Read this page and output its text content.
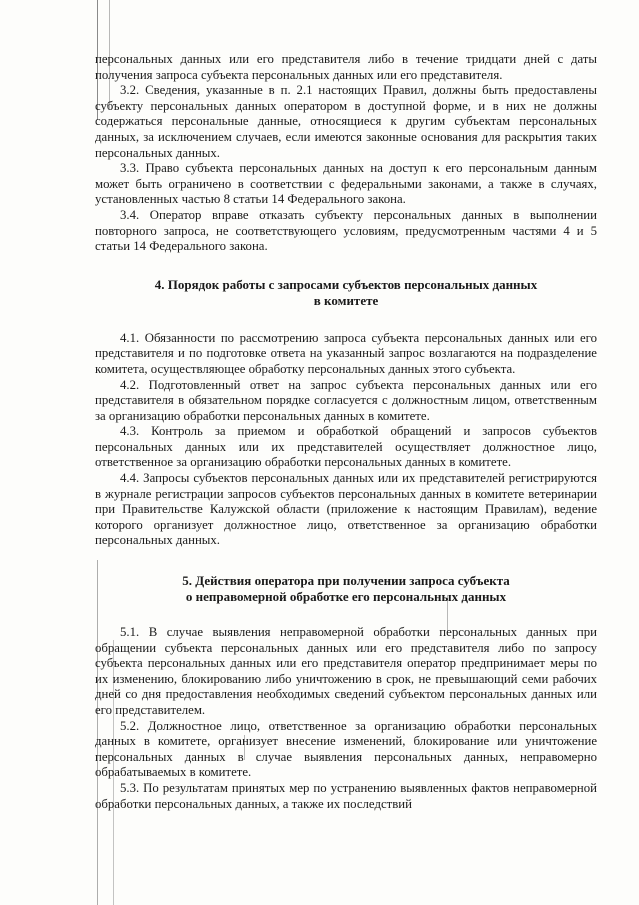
персональных данных или его представителя либо в течение тридцати дней с даты получения запроса субъекта персональных данных или его представителя.

3.2. Сведения, указанные в п. 2.1 настоящих Правил, должны быть предоставлены субъекту персональных данных оператором в доступной форме, и в них не должны содержаться персональные данные, относящиеся к другим субъектам персональных данных, за исключением случаев, если имеются законные основания для раскрытия таких персональных данных.

3.3. Право субъекта персональных данных на доступ к его персональным данным может быть ограничено в соответствии с федеральными законами, а также в случаях, установленных частью 8 статьи 14 Федерального закона.

3.4. Оператор вправе отказать субъекту персональных данных в выполнении повторного запроса, не соответствующего условиям, предусмотренным частями 4 и 5 статьи 14 Федерального закона.

4. Порядок работы с запросами субъектов персональных данных

в комитете

4.1. Обязанности по рассмотрению запроса субъекта персональных данных или его представителя и по подготовке ответа на указанный запрос возлагаются на подразделение комитета, осуществляющее обработку персональных данных этого субъекта.

4.2. Подготовленный ответ на запрос субъекта персональных данных или его представителя в обязательном порядке согласуется с должностным лицом, ответственным за организацию обработки персональных данных в комитете.

4.3. Контроль за приемом и обработкой обращений и запросов субъектов персональных данных или их представителей осуществляет должностное лицо, ответственное за организацию обработки персональных данных в комитете.

4.4. Запросы субъектов персональных данных или их представителей регистрируются в журнале регистрации запросов субъектов персональных данных в комитете ветеринарии при Правительстве Калужской области (приложение к настоящим Правилам), ведение которого организует должностное лицо, ответственное за организацию обработки персональных данных.

5. Действия оператора при получении запроса субъекта

о неправомерной обработке его персональных данных

5.1. В случае выявления неправомерной обработки персональных данных при обращении субъекта персональных данных или его представителя либо по запросу субъекта персональных данных или его представителя оператор предпринимает меры по их изменению, блокированию либо уничтожению в срок, не превышающий семи рабочих дней со дня предоставления необходимых сведений субъектом персональных данных или его представителем.

5.2. Должностное лицо, ответственное за организацию обработки персональных данных в комитете, организует внесение изменений, блокирование или уничтожение персональных данных в случае выявления персональных данных, неправомерно обрабатываемых в комитете.

5.3. По результатам принятых мер по устранению выявленных фактов неправомерной обработки персональных данных, а также их последствий
